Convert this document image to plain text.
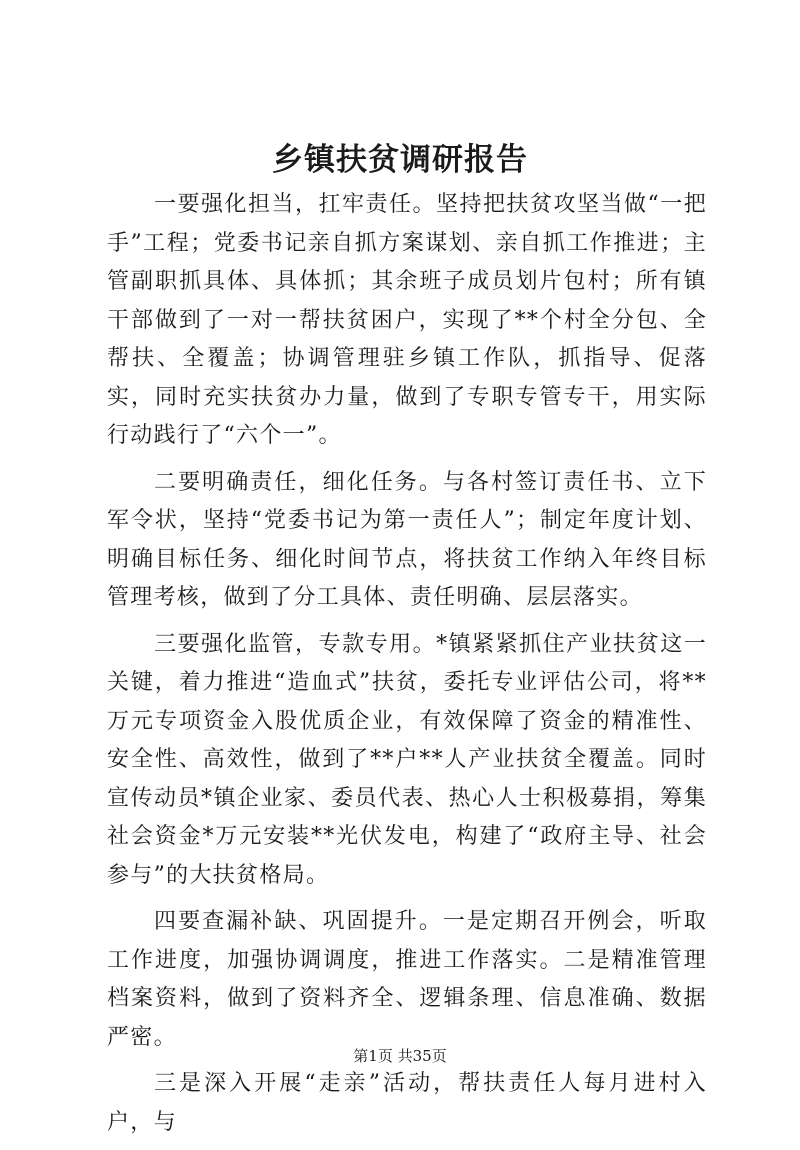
乡镇扶贫调研报告

一要强化担当，扛牢责任。坚持把扶贫攻坚当做“一把手”工程；党委书记亲自抓方案谋划、亲自抓工作推进；主管副职抓具体、具体抓；其余班子成员划片包村；所有镇干部做到了一对一帮扶贫困户，实现了**个村全分包、全帮扶、全覆盖；协调管理驻乡镇工作队，抓指导、促落实，同时充实扶贫办力量，做到了专职专管专干，用实际行动践行了“六个一”。

二要明确责任，细化任务。与各村签订责任书、立下军令状，坚持“党委书记为第一责任人”；制定年度计划、明确目标任务、细化时间节点，将扶贫工作纳入年终目标管理考核，做到了分工具体、责任明确、层层落实。

三要强化监管，专款专用。*镇紧紧抓住产业扶贫这一关键，着力推进“造血式”扶贫，委托专业评估公司，将**万元专项资金入股优质企业，有效保障了资金的精准性、安全性、高效性，做到了**户**人产业扶贫全覆盖。同时宣传动员*镇企业家、委员代表、热心人士积极募捐，筹集社会资金*万元安装**光伏发电，构建了“政府主导、社会参与”的大扶贫格局。

四要查漏补缺、巩固提升。一是定期召开例会，听取工作进度，加强协调调度，推进工作落实。二是精准管理档案资料，做到了资料齐全、逻辑条理、信息准确、数据严密。

三是深入开展“走亲”活动，帮扶责任人每月进村入户，与

第1页 共35页
